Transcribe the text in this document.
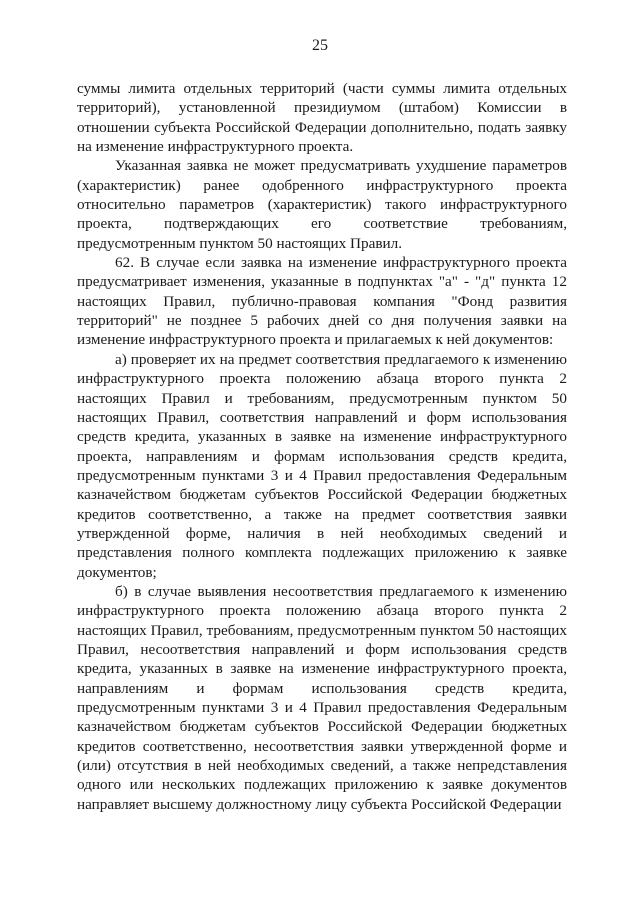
25

суммы лимита отдельных территорий (части суммы лимита отдельных территорий), установленной президиумом (штабом) Комиссии в отношении субъекта Российской Федерации дополнительно, подать заявку на изменение инфраструктурного проекта.

Указанная заявка не может предусматривать ухудшение параметров (характеристик) ранее одобренного инфраструктурного проекта относительно параметров (характеристик) такого инфраструктурного проекта, подтверждающих его соответствие требованиям, предусмотренным пунктом 50 настоящих Правил.

62. В случае если заявка на изменение инфраструктурного проекта предусматривает изменения, указанные в подпунктах "а" - "д" пункта 12 настоящих Правил, публично-правовая компания "Фонд развития территорий" не позднее 5 рабочих дней со дня получения заявки на изменение инфраструктурного проекта и прилагаемых к ней документов:

а) проверяет их на предмет соответствия предлагаемого к изменению инфраструктурного проекта положению абзаца второго пункта 2 настоящих Правил и требованиям, предусмотренным пунктом 50 настоящих Правил, соответствия направлений и форм использования средств кредита, указанных в заявке на изменение инфраструктурного проекта, направлениям и формам использования средств кредита, предусмотренным пунктами 3 и 4 Правил предоставления Федеральным казначейством бюджетам субъектов Российской Федерации бюджетных кредитов соответственно, а также на предмет соответствия заявки утвержденной форме, наличия в ней необходимых сведений и представления полного комплекта подлежащих приложению к заявке документов;

б) в случае выявления несоответствия предлагаемого к изменению инфраструктурного проекта положению абзаца второго пункта 2 настоящих Правил, требованиям, предусмотренным пунктом 50 настоящих Правил, несоответствия направлений и форм использования средств кредита, указанных в заявке на изменение инфраструктурного проекта, направлениям и формам использования средств кредита, предусмотренным пунктами 3 и 4 Правил предоставления Федеральным казначейством бюджетам субъектов Российской Федерации бюджетных кредитов соответственно, несоответствия заявки утвержденной форме и (или) отсутствия в ней необходимых сведений, а также непредставления одного или нескольких подлежащих приложению к заявке документов направляет высшему должностному лицу субъекта Российской Федерации
